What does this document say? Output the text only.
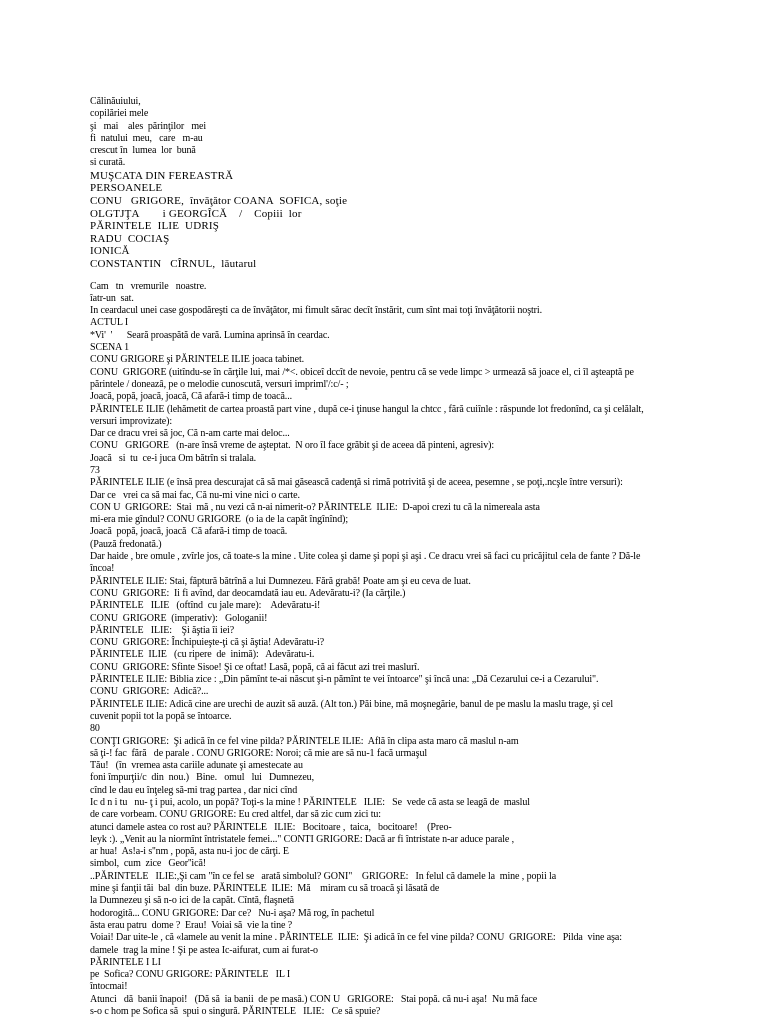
Călinăuiului,
copilăriei mele
şi   mai    ales  părinţilor   mei
fi  natului  meu,   care   m-au
crescut în  lumea  lor  bună
si curată.
MUŞCATA DIN FEREASTRĂ
PERSOANELE
CONU   GRIGORE,  învăţător COANA  SOFICA, soţie
OLGTJŢA        i GEORGÎCĂ    /    Copiii  lor
PĂRINTELE  ILIE  UDRIŞ
RADU  COCIAŞ
IONICĂ
CONSTANTIN   CÎRNUL,  lăutarul
Cam   tn   vremurile   noastre.
îatr-un  sat.
In ceardacul unei case gospodăreşti ca de învăţător, mi fimult sărac decît înstărit, cum sînt mai toţi învăţătorii noştri.
ACTUL I
*Vi'  '      Seară proaspătă de vară. Lumina aprinsă în ceardac.
SCENA 1
CONU GRIGORE şi PĂRINTELE ILIE joaca tabinet.
CONU  GRIGORE (uitîndu-se în cărţile lui, mai /*<. obiceî dccît de nevoie, pentru că se vede limpc > urmează să joace el, ci îl aşteaptă pe
părintele / doneazâ, pe o melodie cunoscută, versuri impriml'/:c/- ;
Joacă, popă, joacă, joacă, Că afară-i timp de toacă...
PĂRINTELE ILIE (lehămetit de cartea proastă part vine , după ce-i ţinuse hangul la chtcc , fără cuiînle : răspunde lot fredonînd, ca şi celălalt,
versuri improvizate):
Dar ce dracu vrei să joc, Că n-am carte mai deloc...
CONU   GRIGORE   (n-are însă vreme de aşteptat.  N oro îl face grăbit şi de aceea dă pinteni, agresiv):
Joacă   si  tu  ce-i juca Om bătrîn si tralala.
73
PĂRINTELE ILIE (e însă prea descurajat că să mai găsească cadenţă si rimă potrivită şi de aceea, pesemne , se poţi,.ncşle între versuri):
Dar ce   vrei ca să mai fac, Că nu-mi vine nici o carte.
CON U  GRIGORE:  Stai  mă , nu vezi că n-ai nimerit-o? PĂRINTELE  ILIE:  D-apoi crezi tu că la nimereala asta
mi-era mie gîndul? CONU GRIGORE  (o ia de la capăt îngînînd);
Joacă  popă, joacă, joacă  Că afară-i timp de toacă.
(Pauză fredonată.)
Dar haide , bre omule , zvîrle jos, că toate-s la mine . Uite colea şi dame şi popi şi aşi . Ce dracu vrei să faci cu pricăjitul cela de fante ? Dă-le
încoa!
PĂRINTELE ILIE: Stai, făptură bătrînă a lui Dumnezeu. Fără grabă! Poate am şi eu ceva de luat.
CONU  GRIGORE:  Ii fi avînd, dar deocamdată iau eu. Adevăratu-i? (Ia cărţile.)
PĂRINTELE   ILIE   (oftînd  cu jale mare):    Adevăratu-i!
CONU  GRIGORE  (imperativ):   Gologanii!
PĂRINTELE   ILIE:    Şi ăştia îi iei?
CONU  GRIGORE: Închipuieşte-ţi că şi ăştia! Adevăratu-i?
PĂRINTELE  ILIE   (cu ripere  de  inimă):   Adevăratu-i.
CONU  GRIGORE: Sfinte Sisoe! Şi ce oftat! Lasă, popă, că ai făcut azi trei maslurî.
PĂRINTELE ILIE: Biblia zice : „Din pămînt te-ai născut şi-n pămînt te vei întoarce" şi încă una: „Dă Cezarului ce-i a Cezarului".
CONU  GRIGORE:  Adică?...
PĂRINTELE ILIE: Adică cine are urechi de auzit să auză. (Alt ton.) Păi bine, mă moşnegărie, banul de pe maslu la maslu trage, şi cel
cuvenit popii tot la popă se întoarce.
80
CONŢI GRIGORE:  Şi adică în ce fel vine pilda? PĂRINTELE ILIE:  Află în clipa asta maro că maslul n-am
să ţi-! fac  fără   de parale . CONU GRIGORE: Noroi; că mie are să nu-1 facă urmaşul
Tău!   (în  vremea asta cariile adunate şi amestecate au
foni împurţii/c  din  nou.)   Bine.   omul   lui   Dumnezeu,
cînd le dau eu înţeleg să-mi trag partea , dar nici cînd
Ic d n i tu   nu- ţ i pui, acolo, un popă? Toţi-s la mine ! PĂRINTELE   ILIE:   Se  vede că asta se leagă de  maslul
de care vorbeam. CONU GRIGORE: Eu cred altfel, dar să zic cum zici tu:
atunci damele astea co rost au? PĂRINTELE   ILIE:   Bocitoare ,  taica,   bocitoare!    (Preo-
leyk :). „Venit au la niormînt întristatele femei..." CONTI GRIGORE: Dacă ar fi întristate n-ar aduce parale ,
ar hua!  As!a-i s''nm , popă, asta nu-i joc de cărţi. E
simbol,  cum  zice   Geor''ică!
..PĂRINTELE   ILIE:,Şi cam "în ce fel se   arată simbolul? GONI"    GRIGORE:   In felul că damele la  mine , popii la
mine şi fanţii tăi  bal  din buze. PĂRINTELE  ILIE:  Mă    miram cu să troacă şi lăsată de
la Dumnezeu şi să n-o ici de la capăt. Cîntă, flaşnetă
hodorogită... CONU GRIGORE: Dar ce?   Nu-i aşa? Mă rog, în pachetul
ăsta erau patru  dome ?  Erau!  Voiai să  vie la tine ?
Voiai! Dar uite-le , că «lamele au venit la mine . PĂRINTELE  ILIE:  Şi adică în ce fel vine pilda? CONU  GRIGORE:   Pilda  vine aşa:
damele  trag la mine ! Şi pe astea Ic-aifurat, cum ai furat-o
PĂRINTELE I LI
pe  Sofica? CONU GRIGORE: PĂRINTELE   IL I
întocmai!
Atunci   dă  banii înapoi!   (Dă să  ia banii  de pe masă.) CON U   GRIGORE:   Stai popă. că nu-i aşa!  Nu mă face
s-o c hom pe Sofica să  spui o singură. PĂRINTELE   ILIE:   Ce să spuie?
